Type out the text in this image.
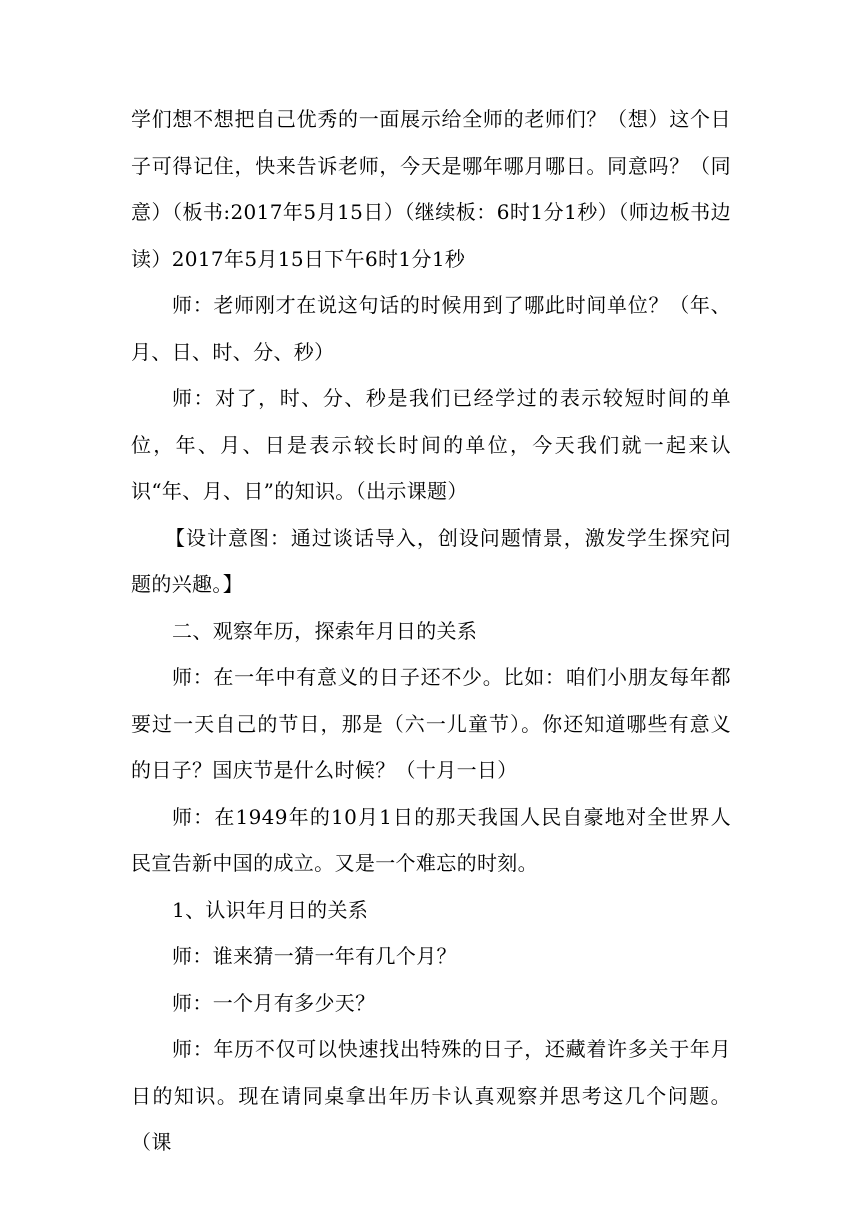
学们想不想把自己优秀的一面展示给全师的老师们？（想）这个日子可得记住，快来告诉老师，今天是哪年哪月哪日。同意吗？（同意）（板书:2017年5月15日）（继续板：6时1分1秒）（师边板书边读）2017年5月15日下午6时1分1秒

师：老师刚才在说这句话的时候用到了哪此时间单位？（年、月、日、时、分、秒）

师：对了，时、分、秒是我们已经学过的表示较短时间的单位，年、月、日是表示较长时间的单位，今天我们就一起来认识“年、月、日”的知识。（出示课题）

【设计意图：通过谈话导入，创设问题情景，激发学生探究问题的兴趣。】

二、观察年历，探索年月日的关系

师：在一年中有意义的日子还不少。比如：咱们小朋友每年都要过一天自己的节日，那是（六一儿童节）。你还知道哪些有意义的日子？国庆节是什么时候？（十月一日）

师：在1949年的10月1日的那天我国人民自豪地对全世界人民宣告新中国的成立。又是一个难忘的时刻。

1、认识年月日的关系

师：谁来猜一猜一年有几个月？

师：一个月有多少天？

师：年历不仅可以快速找出特殊的日子，还藏着许多关于年月日的知识。现在请同桌拿出年历卡认真观察并思考这几个问题。（课
